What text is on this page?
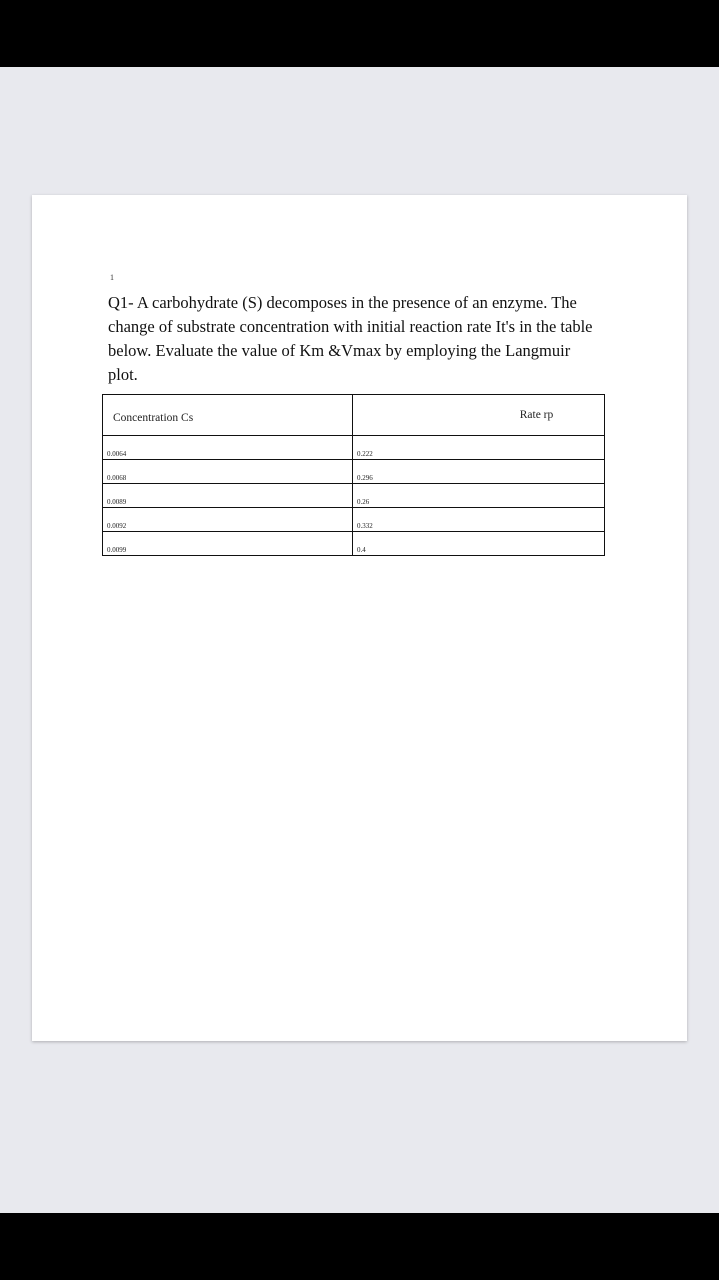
1
Q1- A carbohydrate (S) decomposes in the presence of an enzyme. The change of substrate concentration with initial reaction rate It's in the table below. Evaluate the value of Km &Vmax by employing the Langmuir plot.
Concentration Cs	Rate rp
0.0064	0.222
0.0068	0.296
0.0089	0.26
0.0092	0.332
0.0099	0.4
